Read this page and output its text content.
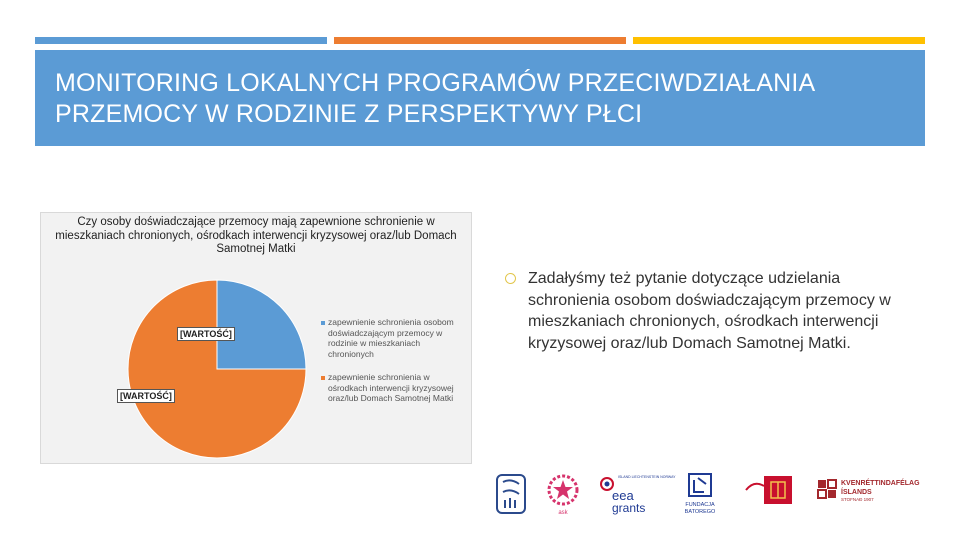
MONITORING LOKALNYCH PROGRAMÓW PRZECIWDZIAŁANIA
PRZEMOCY W RODZINIE Z PERSPEKTYWY PŁCI
Czy osoby doświadczające przemocy mają zapewnione schronienie w mieszkaniach chronionych, ośrodkach interwencji kryzysowej oraz/lub Domach Samotnej Matki
[WARTOŚĆ]
[WARTOŚĆ]
zapewnienie schronienia osobom doświadczającym przemocy w rodzinie w mieszkaniach chronionych
zapewnienie schronienia w ośrodkach interwencji kryzysowej oraz/lub Domach Samotnej Matki
Zadałyśmy też pytanie dotyczące udzielania schronienia osobom doświadczającym przemocy w mieszkaniach chronionych, ośrodkach interwencji kryzysowej oraz/lub Domach Samotnej Matki.
ask
ISLAND LIECHTENSTEIN NORWAY
eea
grants	FUNDACJA
BATOREGO
KVENRÉTTINDAFÉLAG
ÍSLANDS
STOFNAÐ 1907
